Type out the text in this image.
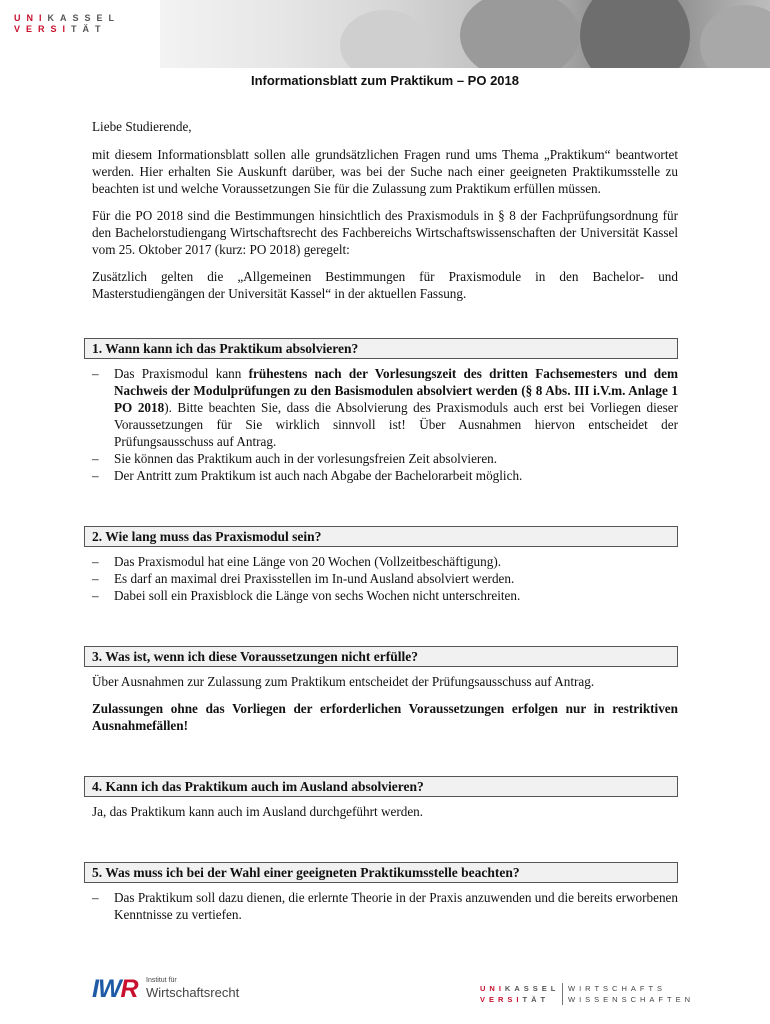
UNIKASSEL
VERSITÄT
Informationsblatt zum Praktikum – PO 2018

Liebe Studierende,

mit diesem Informationsblatt sollen alle grundsätzlichen Fragen rund ums Thema „Praktikum“ beantwortet werden. Hier erhalten Sie Auskunft darüber, was bei der Suche nach einer geeigneten Praktikumsstelle zu beachten ist und welche Voraussetzungen Sie für die Zulassung zum Praktikum erfüllen müssen.

Für die PO 2018 sind die Bestimmungen hinsichtlich des Praxismoduls in § 8 der Fachprüfungsordnung für den Bachelorstudiengang Wirtschaftsrecht des Fachbereichs Wirtschaftswissenschaften der Universität Kassel vom 25. Oktober 2017 (kurz: PO 2018) geregelt:

Zusätzlich gelten die „Allgemeinen Bestimmungen für Praxismodule in den Bachelor- und Masterstudiengängen der Universität Kassel“ in der aktuellen Fassung.

1. Wann kann ich das Praktikum absolvieren?
– Das Praxismodul kann frühestens nach der Vorlesungszeit des dritten Fachsemesters und dem Nachweis der Modulprüfungen zu den Basismodulen absolviert werden (§ 8 Abs. III i.V.m. Anlage 1 PO 2018). Bitte beachten Sie, dass die Absolvierung des Praxismoduls auch erst bei Vorliegen dieser Voraussetzungen für Sie wirklich sinnvoll ist! Über Ausnahmen hiervon entscheidet der Prüfungsausschuss auf Antrag.
– Sie können das Praktikum auch in der vorlesungsfreien Zeit absolvieren.
– Der Antritt zum Praktikum ist auch nach Abgabe der Bachelorarbeit möglich.
2. Wie lang muss das Praxismodul sein?
– Das Praxismodul hat eine Länge von 20 Wochen (Vollzeitbeschäftigung).
– Es darf an maximal drei Praxisstellen im In-und Ausland absolviert werden.
– Dabei soll ein Praxisblock die Länge von sechs Wochen nicht unterschreiten.
3. Was ist, wenn ich diese Voraussetzungen nicht erfülle?

Über Ausnahmen zur Zulassung zum Praktikum entscheidet der Prüfungsausschuss auf Antrag.

Zulassungen ohne das Vorliegen der erforderlichen Voraussetzungen erfolgen nur in restriktiven Ausnahmefällen!

4. Kann ich das Praktikum auch im Ausland absolvieren?

Ja, das Praktikum kann auch im Ausland durchgeführt werden.

5. Was muss ich bei der Wahl einer geeigneten Praktikumsstelle beachten?
– Das Praktikum soll dazu dienen, die erlernte Theorie in der Praxis anzuwenden und die bereits erworbenen Kenntnisse zu vertiefen.
IWR Institut für
Wirtschaftsrecht	UNIKASSEL
VERSITÄT
WIRTSCHAFTS
WISSENSCHAFTEN
